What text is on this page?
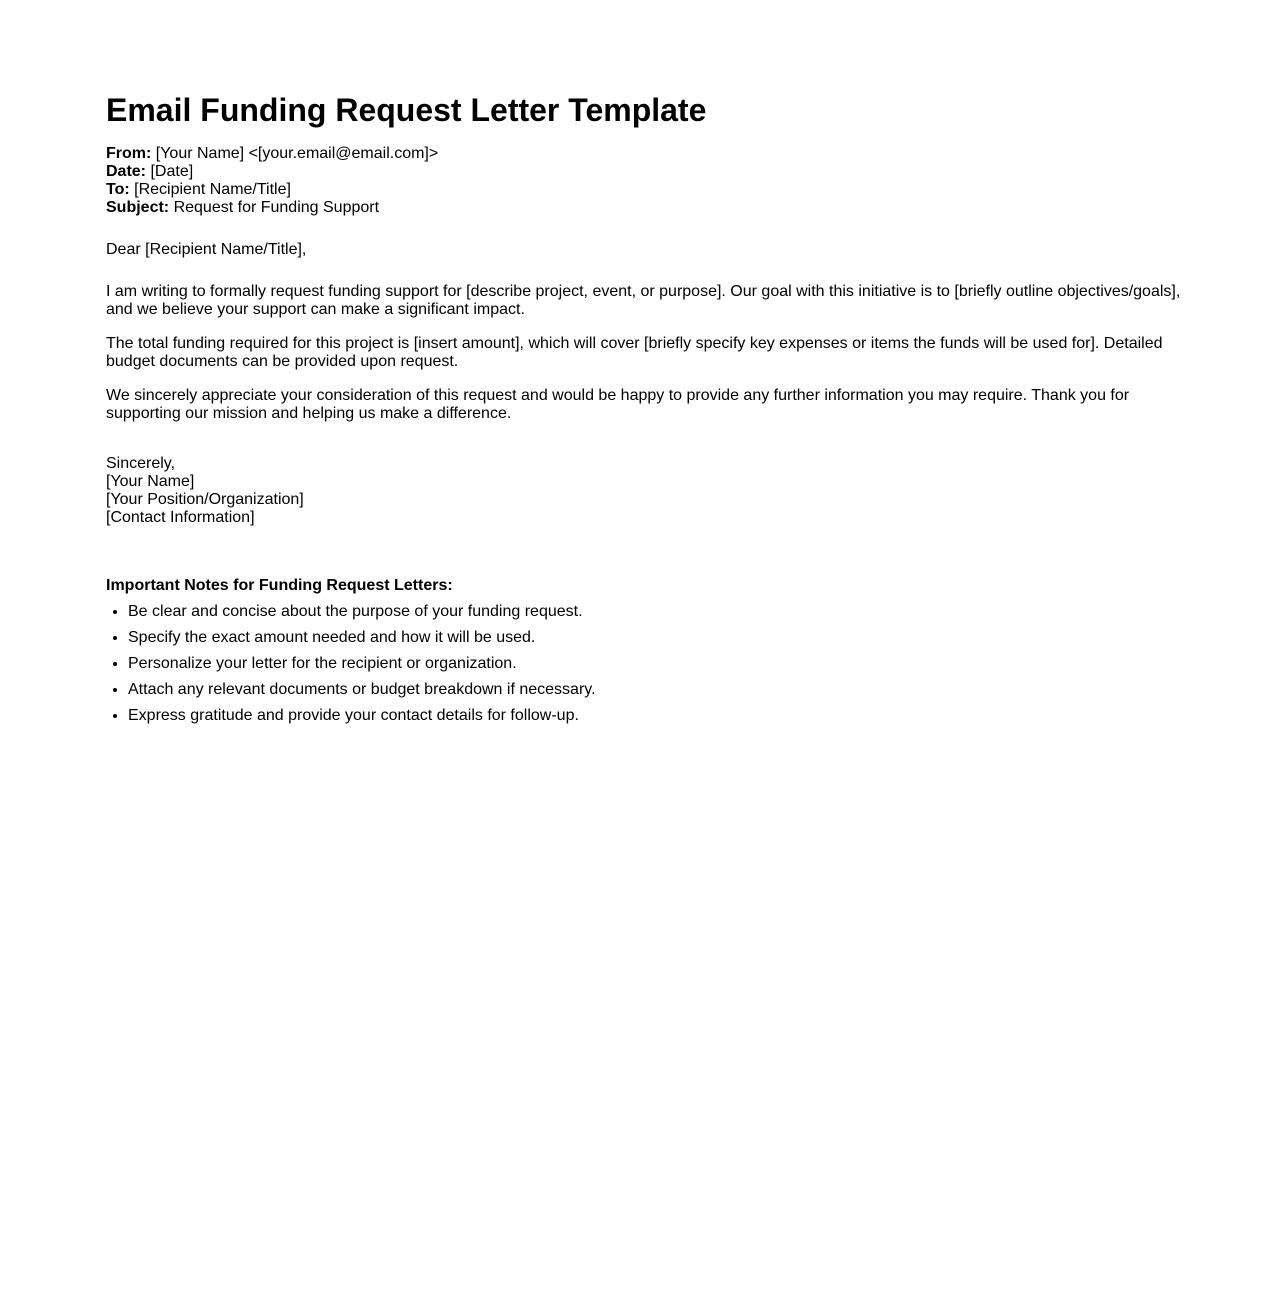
Email Funding Request Letter Template
From: [Your Name] <[your.email@email.com]>
Date: [Date]
To: [Recipient Name/Title]
Subject: Request for Funding Support
Dear [Recipient Name/Title],
I am writing to formally request funding support for [describe project, event, or purpose]. Our goal with this initiative is to [briefly outline objectives/goals], and we believe your support can make a significant impact.
The total funding required for this project is [insert amount], which will cover [briefly specify key expenses or items the funds will be used for]. Detailed budget documents can be provided upon request.
We sincerely appreciate your consideration of this request and would be happy to provide any further information you may require. Thank you for supporting our mission and helping us make a difference.
Sincerely,
[Your Name]
[Your Position/Organization]
[Contact Information]
Important Notes for Funding Request Letters:
• Be clear and concise about the purpose of your funding request.
• Specify the exact amount needed and how it will be used.
• Personalize your letter for the recipient or organization.
• Attach any relevant documents or budget breakdown if necessary.
• Express gratitude and provide your contact details for follow-up.
